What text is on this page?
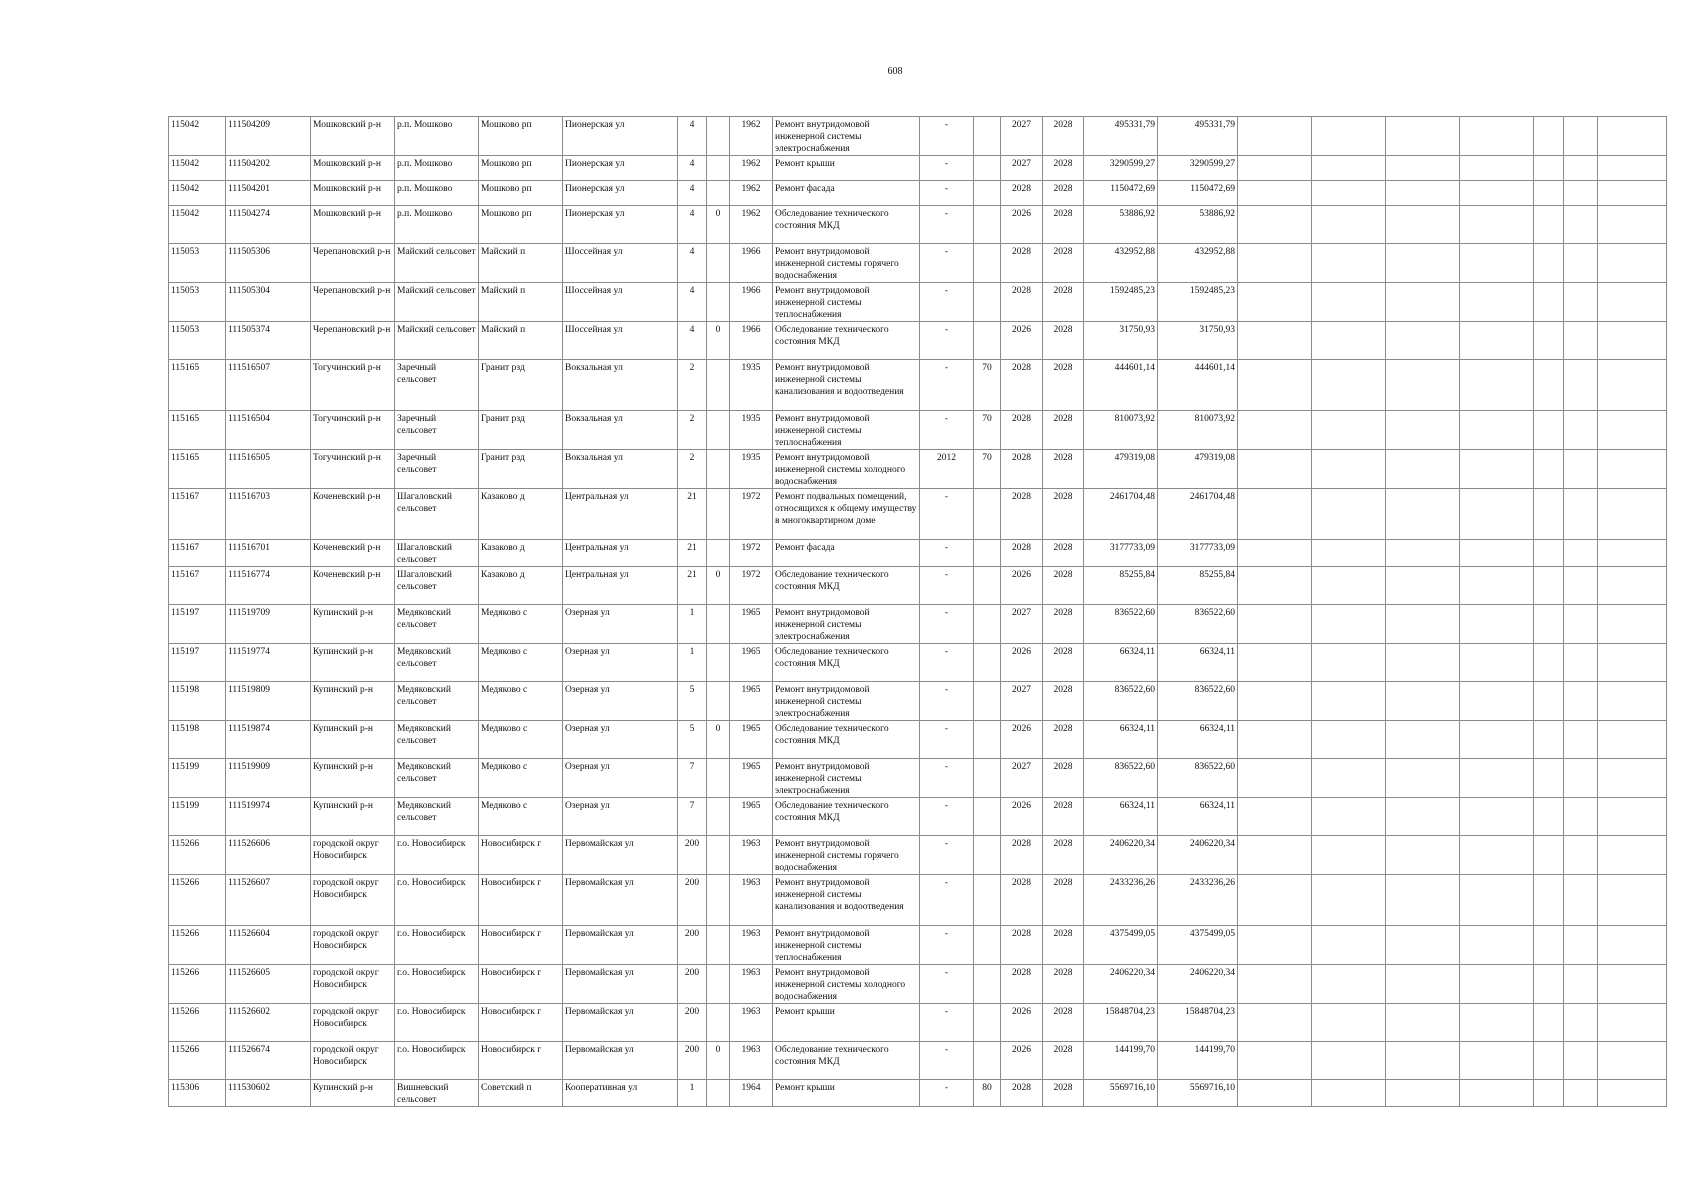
608
115042	111504209	Мошковский р-н	р.п. Мошково	Мошково рп	Пионерская ул	4		1962	Ремонт внутридомовой инженерной системы электроснабжения	-		2027	2028	495331,79	495331,79							
115042	111504202	Мошковский р-н	р.п. Мошково	Мошково рп	Пионерская ул	4		1962	Ремонт крыши	-		2027	2028	3290599,27	3290599,27							
115042	111504201	Мошковский р-н	р.п. Мошково	Мошково рп	Пионерская ул	4		1962	Ремонт фасада	-		2028	2028	1150472,69	1150472,69							
115042	111504274	Мошковский р-н	р.п. Мошково	Мошково рп	Пионерская ул	4	0	1962	Обследование технического состояния МКД	-		2026	2028	53886,92	53886,92							
115053	111505306	Черепановский р-н	Майский сельсовет	Майский п	Шоссейная ул	4		1966	Ремонт внутридомовой инженерной системы горячего водоснабжения	-		2028	2028	432952,88	432952,88							
115053	111505304	Черепановский р-н	Майский сельсовет	Майский п	Шоссейная ул	4		1966	Ремонт внутридомовой инженерной системы теплоснабжения	-		2028	2028	1592485,23	1592485,23							
115053	111505374	Черепановский р-н	Майский сельсовет	Майский п	Шоссейная ул	4	0	1966	Обследование технического состояния МКД	-		2026	2028	31750,93	31750,93							
115165	111516507	Тогучинский р-н	Заречный сельсовет	Гранит рзд	Вокзальная ул	2		1935	Ремонт внутридомовой инженерной системы канализования и водоотведения	-	70	2028	2028	444601,14	444601,14							
115165	111516504	Тогучинский р-н	Заречный сельсовет	Гранит рзд	Вокзальная ул	2		1935	Ремонт внутридомовой инженерной системы теплоснабжения	-	70	2028	2028	810073,92	810073,92							
115165	111516505	Тогучинский р-н	Заречный сельсовет	Гранит рзд	Вокзальная ул	2		1935	Ремонт внутридомовой инженерной системы холодного водоснабжения	2012	70	2028	2028	479319,08	479319,08							
115167	111516703	Коченевский р-н	Шагаловский сельсовет	Казаково д	Центральная ул	21		1972	Ремонт подвальных помещений, относящихся к общему имуществу в многоквартирном доме	-		2028	2028	2461704,48	2461704,48							
115167	111516701	Коченевский р-н	Шагаловский сельсовет	Казаково д	Центральная ул	21		1972	Ремонт фасада	-		2028	2028	3177733,09	3177733,09							
115167	111516774	Коченевский р-н	Шагаловский сельсовет	Казаково д	Центральная ул	21	0	1972	Обследование технического состояния МКД	-		2026	2028	85255,84	85255,84							
115197	111519709	Купинский р-н	Медяковский сельсовет	Медяково с	Озерная ул	1		1965	Ремонт внутридомовой инженерной системы электроснабжения	-		2027	2028	836522,60	836522,60							
115197	111519774	Купинский р-н	Медяковский сельсовет	Медяково с	Озерная ул	1		1965	Обследование технического состояния МКД	-		2026	2028	66324,11	66324,11							
115198	111519809	Купинский р-н	Медяковский сельсовет	Медяково с	Озерная ул	5		1965	Ремонт внутридомовой инженерной системы электроснабжения	-		2027	2028	836522,60	836522,60							
115198	111519874	Купинский р-н	Медяковский сельсовет	Медяково с	Озерная ул	5	0	1965	Обследование технического состояния МКД	-		2026	2028	66324,11	66324,11							
115199	111519909	Купинский р-н	Медяковский сельсовет	Медяково с	Озерная ул	7		1965	Ремонт внутридомовой инженерной системы электроснабжения	-		2027	2028	836522,60	836522,60							
115199	111519974	Купинский р-н	Медяковский сельсовет	Медяково с	Озерная ул	7		1965	Обследование технического состояния МКД	-		2026	2028	66324,11	66324,11							
115266	111526606	городской округ Новосибирск	г.о. Новосибирск	Новосибирск г	Первомайская ул	200		1963	Ремонт внутридомовой инженерной системы горячего водоснабжения	-		2028	2028	2406220,34	2406220,34							
115266	111526607	городской округ Новосибирск	г.о. Новосибирск	Новосибирск г	Первомайская ул	200		1963	Ремонт внутридомовой инженерной системы канализования и водоотведения	-		2028	2028	2433236,26	2433236,26							
115266	111526604	городской округ Новосибирск	г.о. Новосибирск	Новосибирск г	Первомайская ул	200		1963	Ремонт внутридомовой инженерной системы теплоснабжения	-		2028	2028	4375499,05	4375499,05							
115266	111526605	городской округ Новосибирск	г.о. Новосибирск	Новосибирск г	Первомайская ул	200		1963	Ремонт внутридомовой инженерной системы холодного водоснабжения	-		2028	2028	2406220,34	2406220,34							
115266	111526602	городской округ Новосибирск	г.о. Новосибирск	Новосибирск г	Первомайская ул	200		1963	Ремонт крыши	-		2026	2028	15848704,23	15848704,23							
115266	111526674	городской округ Новосибирск	г.о. Новосибирск	Новосибирск г	Первомайская ул	200	0	1963	Обследование технического состояния МКД	-		2026	2028	144199,70	144199,70							
115306	111530602	Купинский р-н	Вишневский сельсовет	Советский п	Кооперативная ул	1		1964	Ремонт крыши	-	80	2028	2028	5569716,10	5569716,10							
